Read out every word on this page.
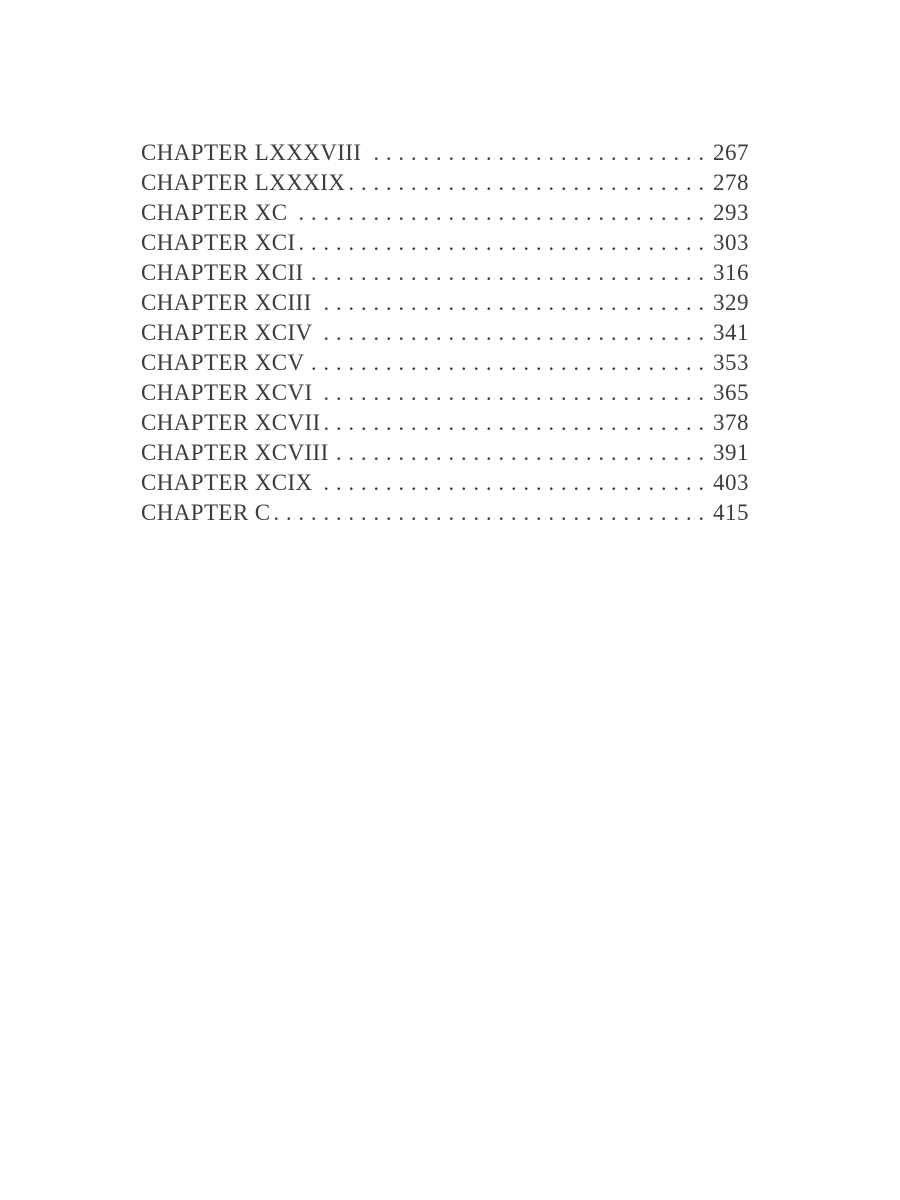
CHAPTER LXXXVIII .....	267
CHAPTER LXXXIX .....	278
CHAPTER XC .....	293
CHAPTER XCI .....	303
CHAPTER XCII .....	316
CHAPTER XCIII .....	329
CHAPTER XCIV .....	341
CHAPTER XCV .....	353
CHAPTER XCVI .....	365
CHAPTER XCVII .....	378
CHAPTER XCVIII .....	391
CHAPTER XCIX .....	403
CHAPTER C .....	415
